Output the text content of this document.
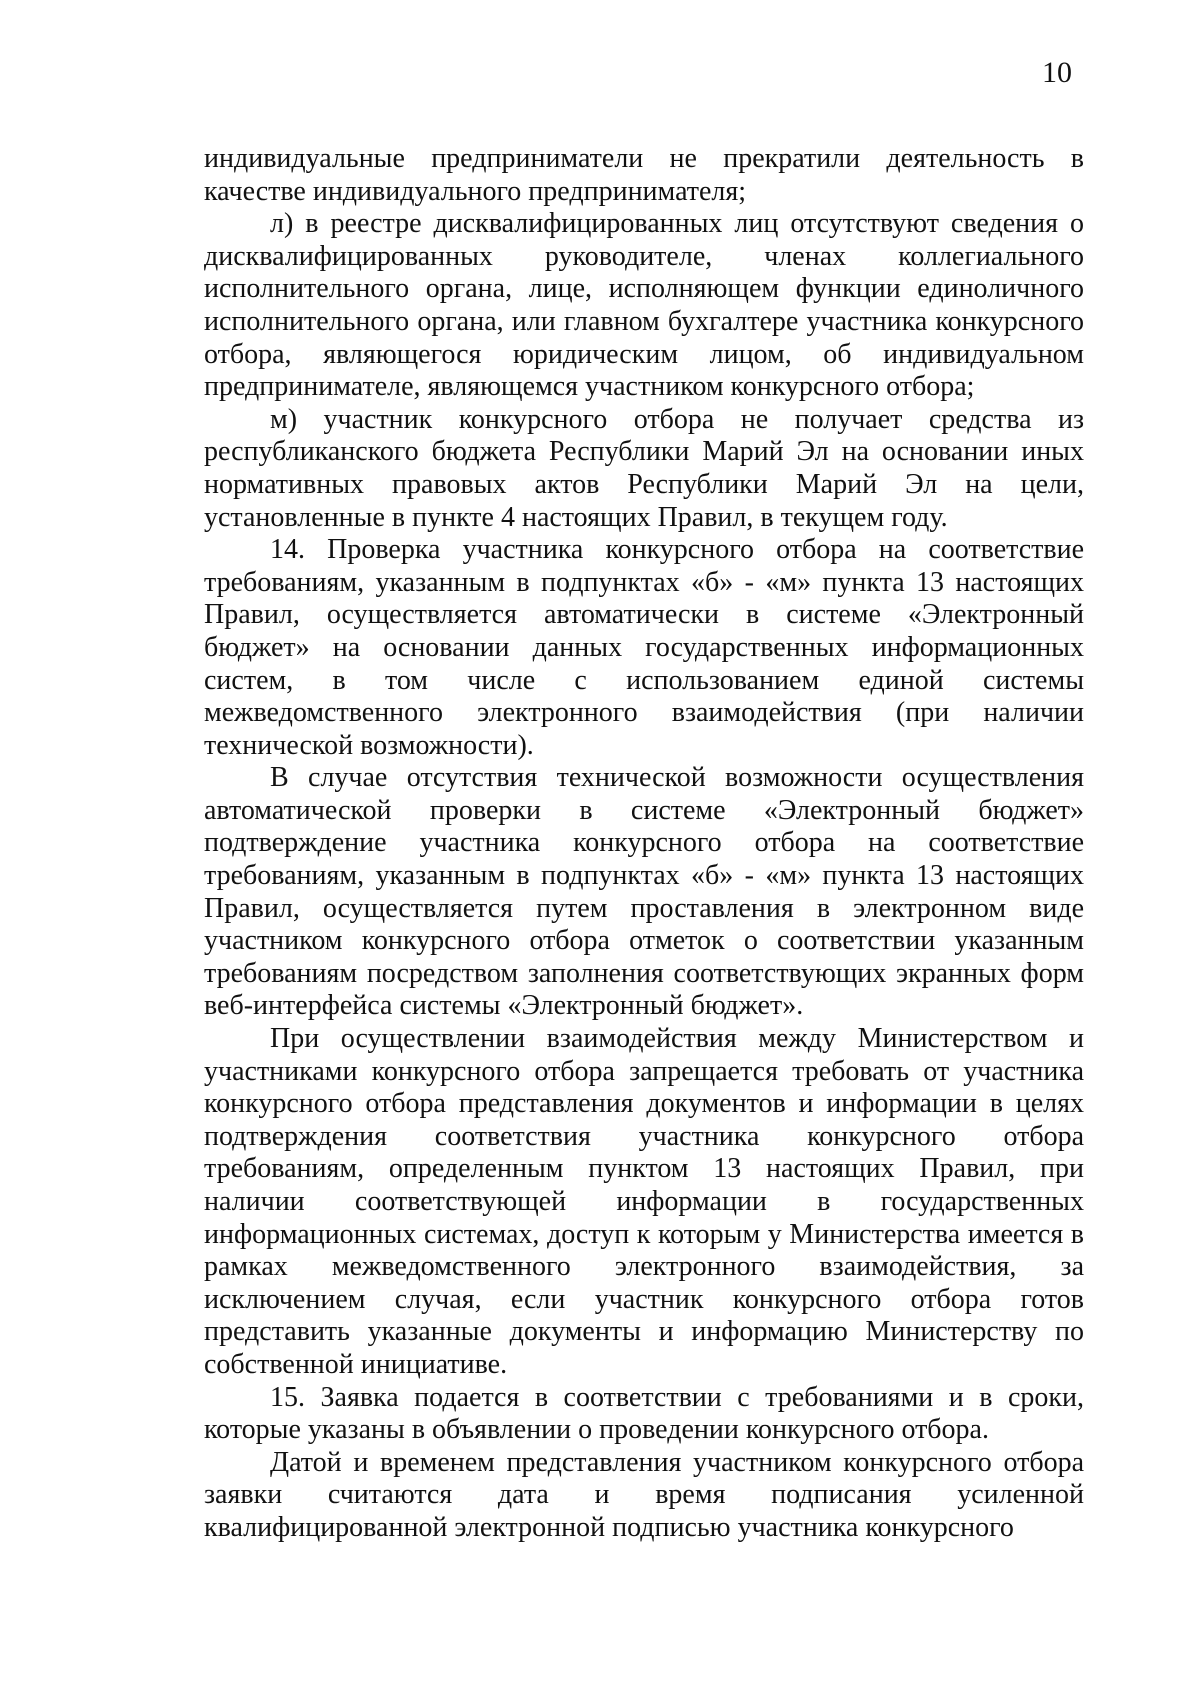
10

индивидуальные предприниматели не прекратили деятельность в качестве индивидуального предпринимателя;

л) в реестре дисквалифицированных лиц отсутствуют сведения о дисквалифицированных руководителе, членах коллегиального исполнительного органа, лице, исполняющем функции единоличного исполнительного органа, или главном бухгалтере участника конкурсного отбора, являющегося юридическим лицом, об индивидуальном предпринимателе, являющемся участником конкурсного отбора;

м) участник конкурсного отбора не получает средства из республиканского бюджета Республики Марий Эл на основании иных нормативных правовых актов Республики Марий Эл на цели, установленные в пункте 4 настоящих Правил, в текущем году.

14. Проверка участника конкурсного отбора на соответствие требованиям, указанным в подпунктах «б» - «м» пункта 13 настоящих Правил, осуществляется автоматически в системе «Электронный бюджет» на основании данных государственных информационных систем, в том числе с использованием единой системы межведомственного электронного взаимодействия (при наличии технической возможности).

В случае отсутствия технической возможности осуществления автоматической проверки в системе «Электронный бюджет» подтверждение участника конкурсного отбора на соответствие требованиям, указанным в подпунктах «б» - «м» пункта 13 настоящих Правил, осуществляется путем проставления в электронном виде участником конкурсного отбора отметок о соответствии указанным требованиям посредством заполнения соответствующих экранных форм веб-интерфейса системы «Электронный бюджет».

При осуществлении взаимодействия между Министерством и участниками конкурсного отбора запрещается требовать от участника конкурсного отбора представления документов и информации в целях подтверждения соответствия участника конкурсного отбора требованиям, определенным пунктом 13 настоящих Правил, при наличии соответствующей информации в государственных информационных системах, доступ к которым у Министерства имеется в рамках межведомственного электронного взаимодействия, за исключением случая, если участник конкурсного отбора готов представить указанные документы и информацию Министерству по собственной инициативе.

15. Заявка подается в соответствии с требованиями и в сроки, которые указаны в объявлении о проведении конкурсного отбора.

Датой и временем представления участником конкурсного отбора заявки считаются дата и время подписания усиленной квалифицированной электронной подписью участника конкурсного
